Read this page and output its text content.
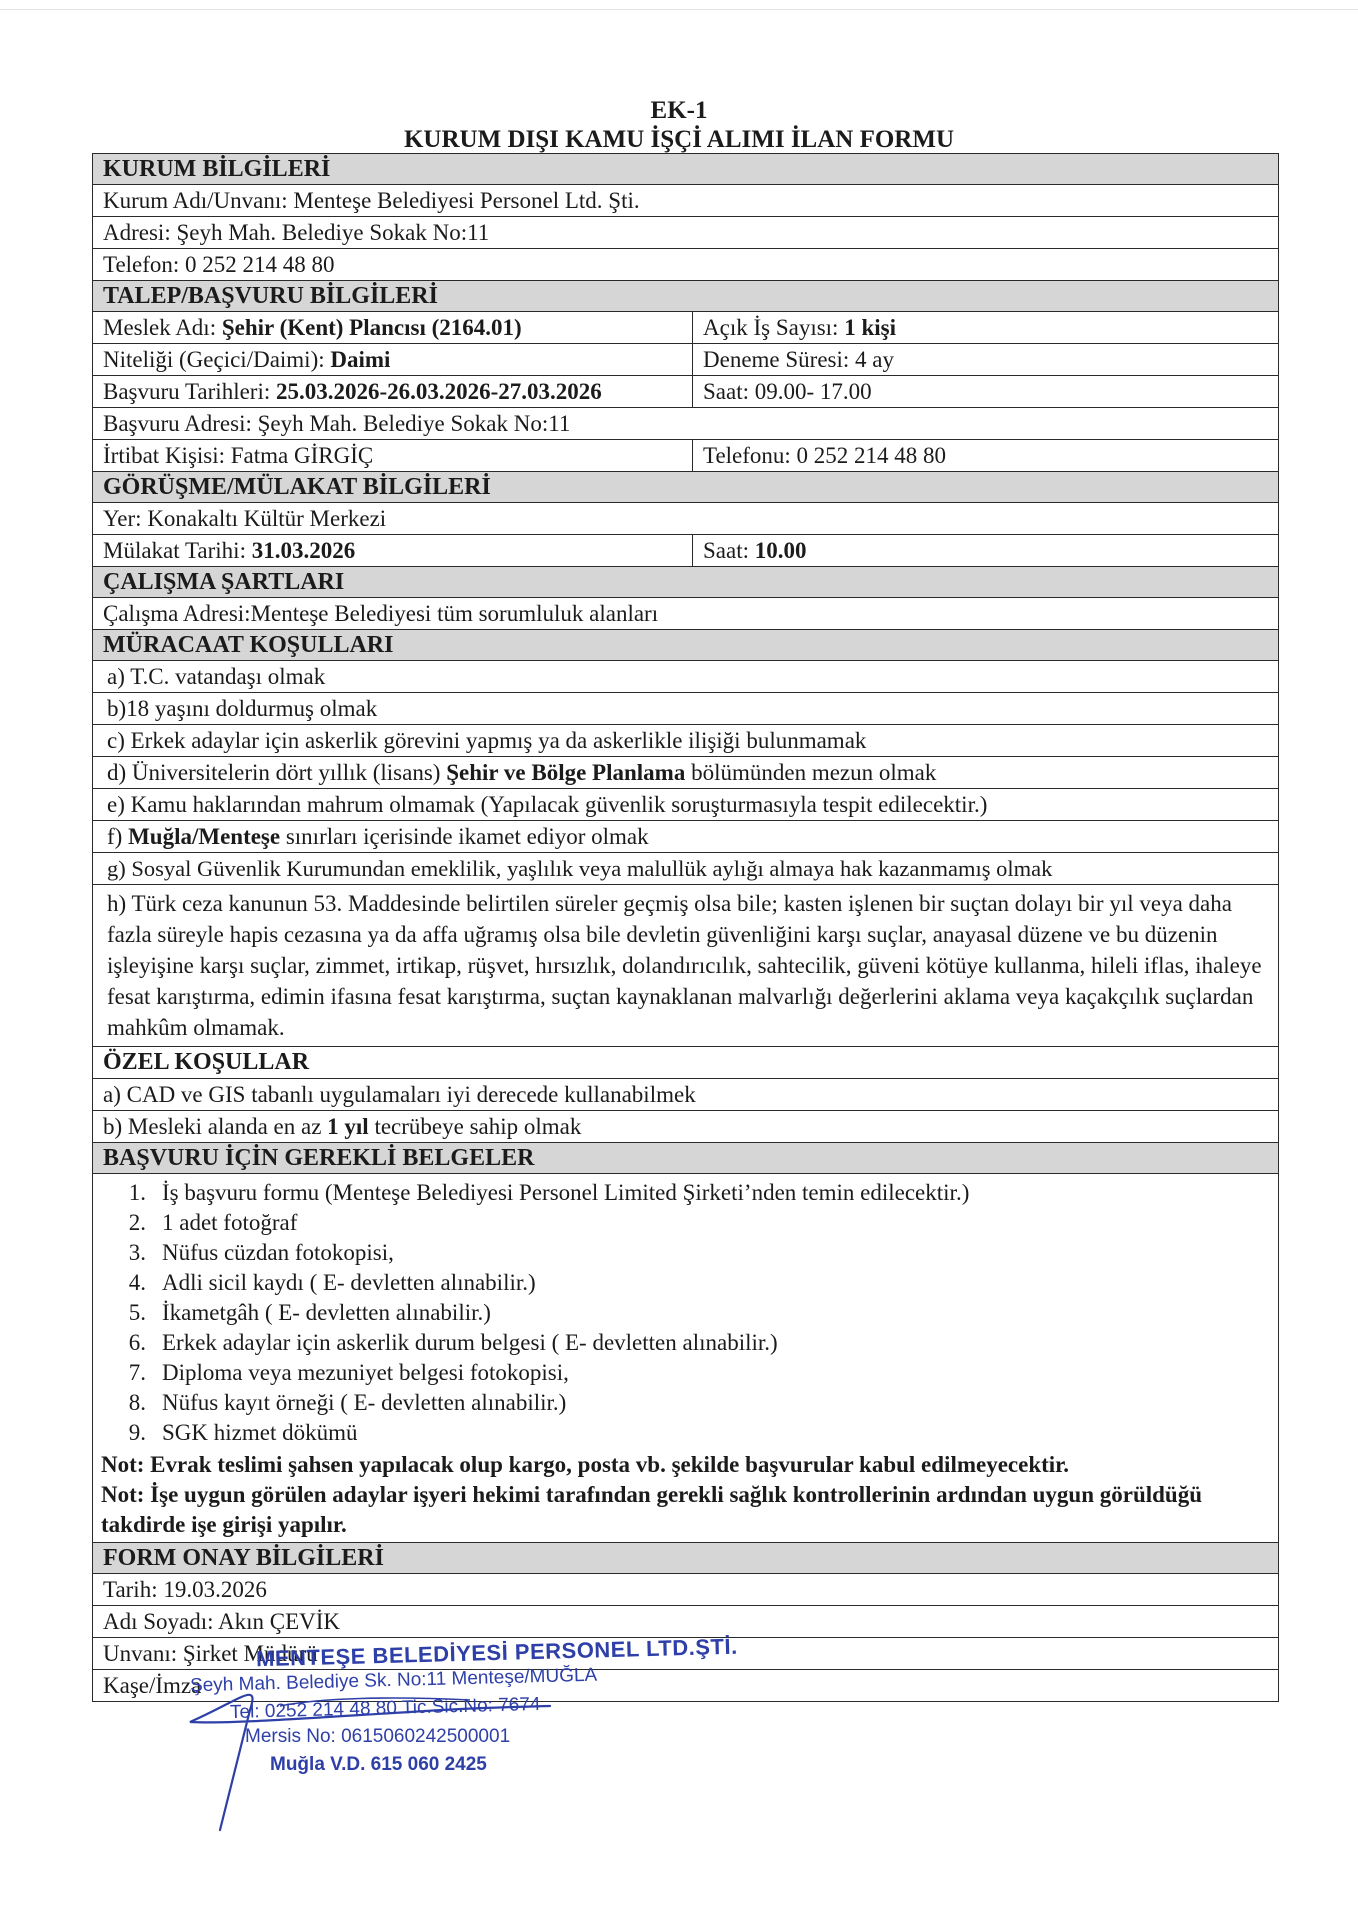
EK-1
KURUM DIŞI KAMU İŞÇİ ALIMI İLAN FORMU
KURUM BİLGİLERİ
Kurum Adı/Unvanı: Menteşe Belediyesi Personel Ltd. Şti.
Adresi: Şeyh Mah. Belediye Sokak No:11
Telefon: 0 252 214 48 80
TALEP/BAŞVURU BİLGİLERİ
Meslek Adı: Şehir (Kent) Plancısı (2164.01)	Açık İş Sayısı: 1 kişi
Niteliği (Geçici/Daimi): Daimi	Deneme Süresi: 4 ay
Başvuru Tarihleri: 25.03.2026-26.03.2026-27.03.2026	Saat: 09.00- 17.00
Başvuru Adresi: Şeyh Mah. Belediye Sokak No:11
İrtibat Kişisi: Fatma GİRGİÇ	Telefonu: 0 252 214 48 80
GÖRÜŞME/MÜLAKAT BİLGİLERİ
Yer: Konakaltı Kültür Merkezi
Mülakat Tarihi: 31.03.2026	Saat: 10.00
ÇALIŞMA ŞARTLARI
Çalışma Adresi:Menteşe Belediyesi tüm sorumluluk alanları
MÜRACAAT KOŞULLARI
a) T.C. vatandaşı olmak
b)18 yaşını doldurmuş olmak
c) Erkek adaylar için askerlik görevini yapmış ya da askerlikle ilişiği bulunmamak
d) Üniversitelerin dört yıllık (lisans) Şehir ve Bölge Planlama bölümünden mezun olmak
e) Kamu haklarından mahrum olmamak (Yapılacak güvenlik soruşturmasıyla tespit edilecektir.)
f) Muğla/Menteşe sınırları içerisinde ikamet ediyor olmak
g) Sosyal Güvenlik Kurumundan emeklilik, yaşlılık veya malullük aylığı almaya hak kazanmamış olmak
h) Türk ceza kanunun 53. Maddesinde belirtilen süreler geçmiş olsa bile; kasten işlenen bir suçtan dolayı bir yıl veya daha fazla süreyle hapis cezasına ya da affa uğramış olsa bile devletin güvenliğini karşı suçlar, anayasal düzene ve bu düzenin işleyişine karşı suçlar, zimmet, irtikap, rüşvet, hırsızlık, dolandırıcılık, sahtecilik, güveni kötüye kullanma, hileli iflas, ihaleye fesat karıştırma, edimin ifasına fesat karıştırma, suçtan kaynaklanan malvarlığı değerlerini aklama veya kaçakçılık suçlardan mahkûm olmamak.
ÖZEL KOŞULLAR
a) CAD ve GIS tabanlı uygulamaları iyi derecede kullanabilmek
b) Mesleki alanda en az 1 yıl tecrübeye sahip olmak
BAŞVURU İÇİN GEREKLİ BELGELER
1. İş başvuru formu (Menteşe Belediyesi Personel Limited Şirketi’nden temin edilecektir.)
2. 1 adet fotoğraf
3. Nüfus cüzdan fotokopisi,
4. Adli sicil kaydı ( E- devletten alınabilir.)
5. İkametgâh ( E- devletten alınabilir.)
6. Erkek adaylar için askerlik durum belgesi ( E- devletten alınabilir.)
7. Diploma veya mezuniyet belgesi fotokopisi,
8. Nüfus kayıt örneği ( E- devletten alınabilir.)
9. SGK hizmet dökümü
Not: Evrak teslimi şahsen yapılacak olup kargo, posta vb. şekilde başvurular kabul edilmeyecektir.
Not: İşe uygun görülen adaylar işyeri hekimi tarafından gerekli sağlık kontrollerinin ardından uygun görüldüğü takdirde işe girişi yapılır.
FORM ONAY BİLGİLERİ
Tarih: 19.03.2026
Adı Soyadı: Akın ÇEVİK
Unvanı: Şirket Müdürü
Kaşe/İmza
MENTEŞE BELEDİYESİ PERSONEL LTD.ŞTİ.
Şeyh Mah. Belediye Sk. No:11 Menteşe/MUĞLA
Tel: 0252 214 48 80 Tic.Sic.No: 7674
Mersis No: 0615060242500001
Muğla V.D. 615 060 2425
